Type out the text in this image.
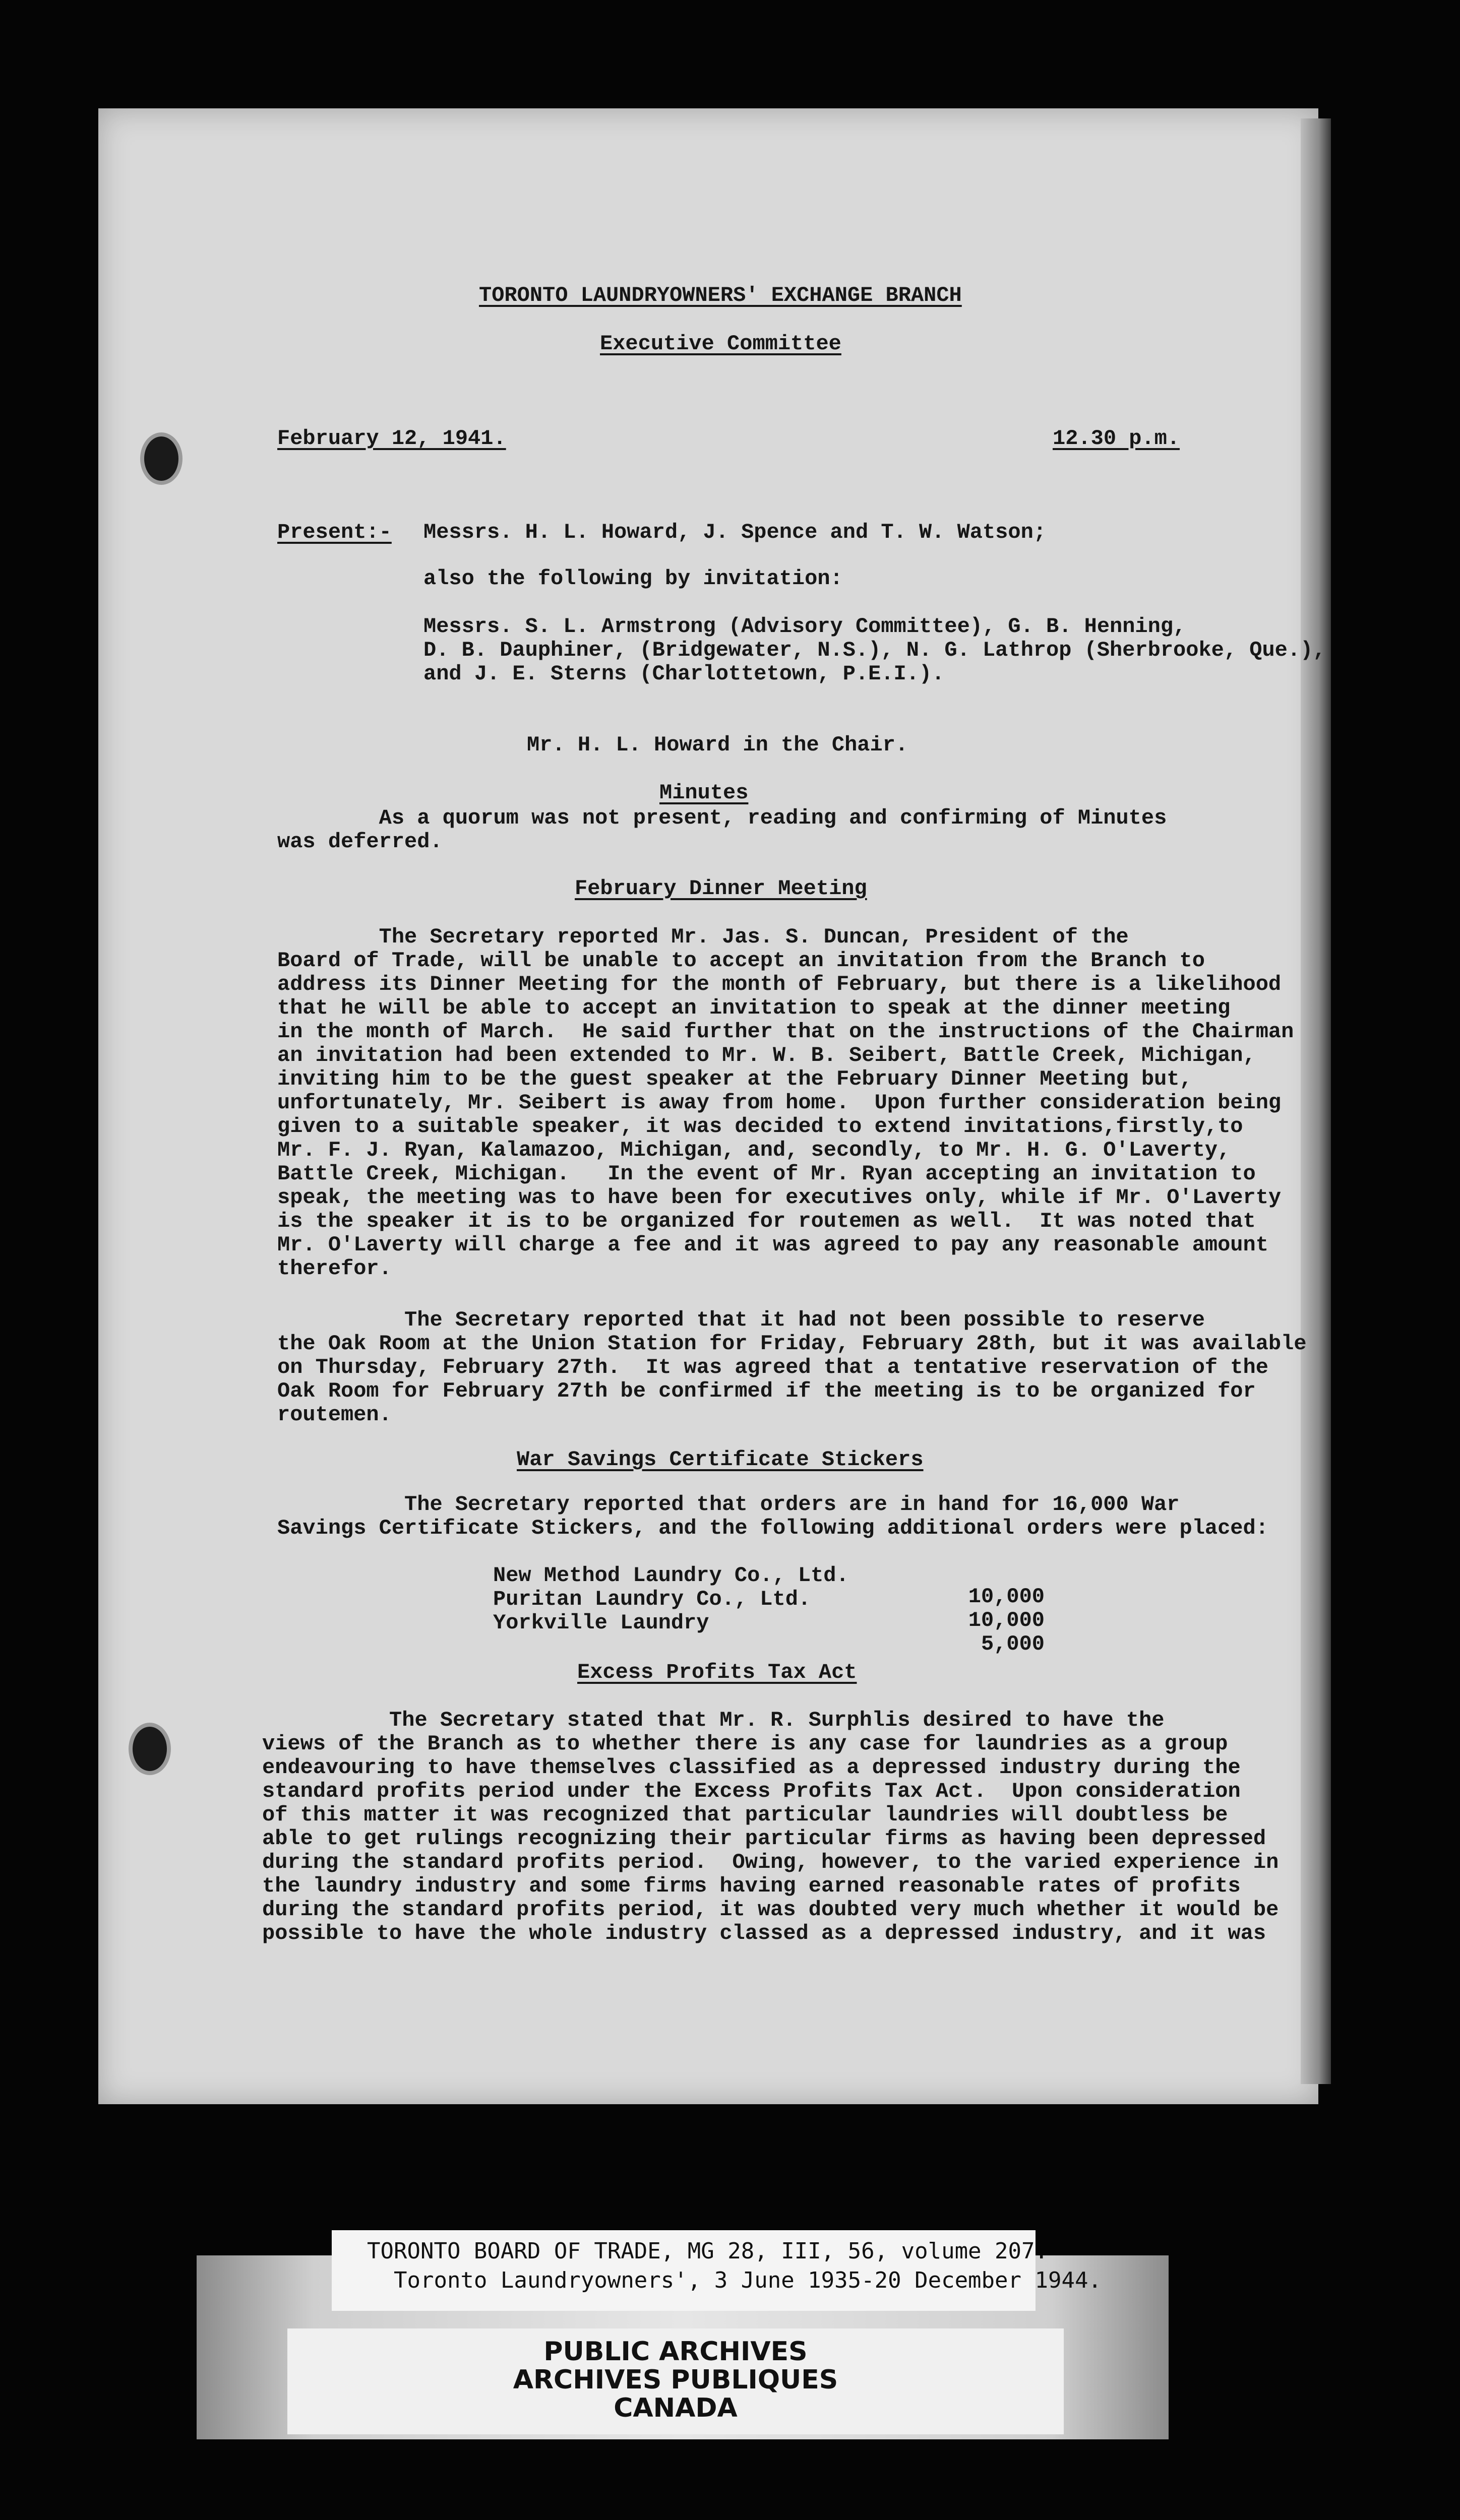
TORONTO LAUNDRYOWNERS' EXCHANGE BRANCH

Executive Committee

February 12, 1941.	12.30 p.m.

Present:- Messrs. H. L. Howard, J. Spence and T. W. Watson;

also the following by invitation:

Messrs. S. L. Armstrong (Advisory Committee), G. B. Henning,

D. B. Dauphiner, (Bridgewater, N.S.), N. G. Lathrop (Sherbrooke, Que.),

and J. E. Sterns (Charlottetown, P.E.I.).

Mr. H. L. Howard in the Chair.

Minutes

As a quorum was not present, reading and confirming of Minutes

was deferred.

February Dinner Meeting

The Secretary reported Mr. Jas. S. Duncan, President of the

Board of Trade, will be unable to accept an invitation from the Branch to

address its Dinner Meeting for the month of February, but there is a likelihood

that he will be able to accept an invitation to speak at the dinner meeting

in the month of March.  He said further that on the instructions of the Chairman

an invitation had been extended to Mr. W. B. Seibert, Battle Creek, Michigan,

inviting him to be the guest speaker at the February Dinner Meeting but,

unfortunately, Mr. Seibert is away from home.  Upon further consideration being

given to a suitable speaker, it was decided to extend invitations,firstly,to

Mr. F. J. Ryan, Kalamazoo, Michigan, and, secondly, to Mr. H. G. O'Laverty,

Battle Creek, Michigan.   In the event of Mr. Ryan accepting an invitation to

speak, the meeting was to have been for executives only, while if Mr. O'Laverty

is the speaker it is to be organized for routemen as well.  It was noted that

Mr. O'Laverty will charge a fee and it was agreed to pay any reasonable amount

therefor.

The Secretary reported that it had not been possible to reserve

the Oak Room at the Union Station for Friday, February 28th, but it was available

on Thursday, February 27th.  It was agreed that a tentative reservation of the

Oak Room for February 27th be confirmed if the meeting is to be organized for

routemen.

War Savings Certificate Stickers

The Secretary reported that orders are in hand for 16,000 War

Savings Certificate Stickers, and the following additional orders were placed:

New Method Laundry Co., Ltd.

10,000

Puritan Laundry Co., Ltd.

10,000

Yorkville Laundry

5,000

Excess Profits Tax Act

The Secretary stated that Mr. R. Surphlis desired to have the

views of the Branch as to whether there is any case for laundries as a group

endeavouring to have themselves classified as a depressed industry during the

standard profits period under the Excess Profits Tax Act.  Upon consideration

of this matter it was recognized that particular laundries will doubtless be

able to get rulings recognizing their particular firms as having been depressed

during the standard profits period.  Owing, however, to the varied experience in

the laundry industry and some firms having earned reasonable rates of profits

during the standard profits period, it was doubted very much whether it would be

possible to have the whole industry classed as a depressed industry, and it was

TORONTO BOARD OF TRADE, MG 28, III, 56, volume 207.
Toronto Laundryowners', 3 June 1935-20 December 1944.
PUBLIC ARCHIVES
ARCHIVES PUBLIQUES
CANADA
